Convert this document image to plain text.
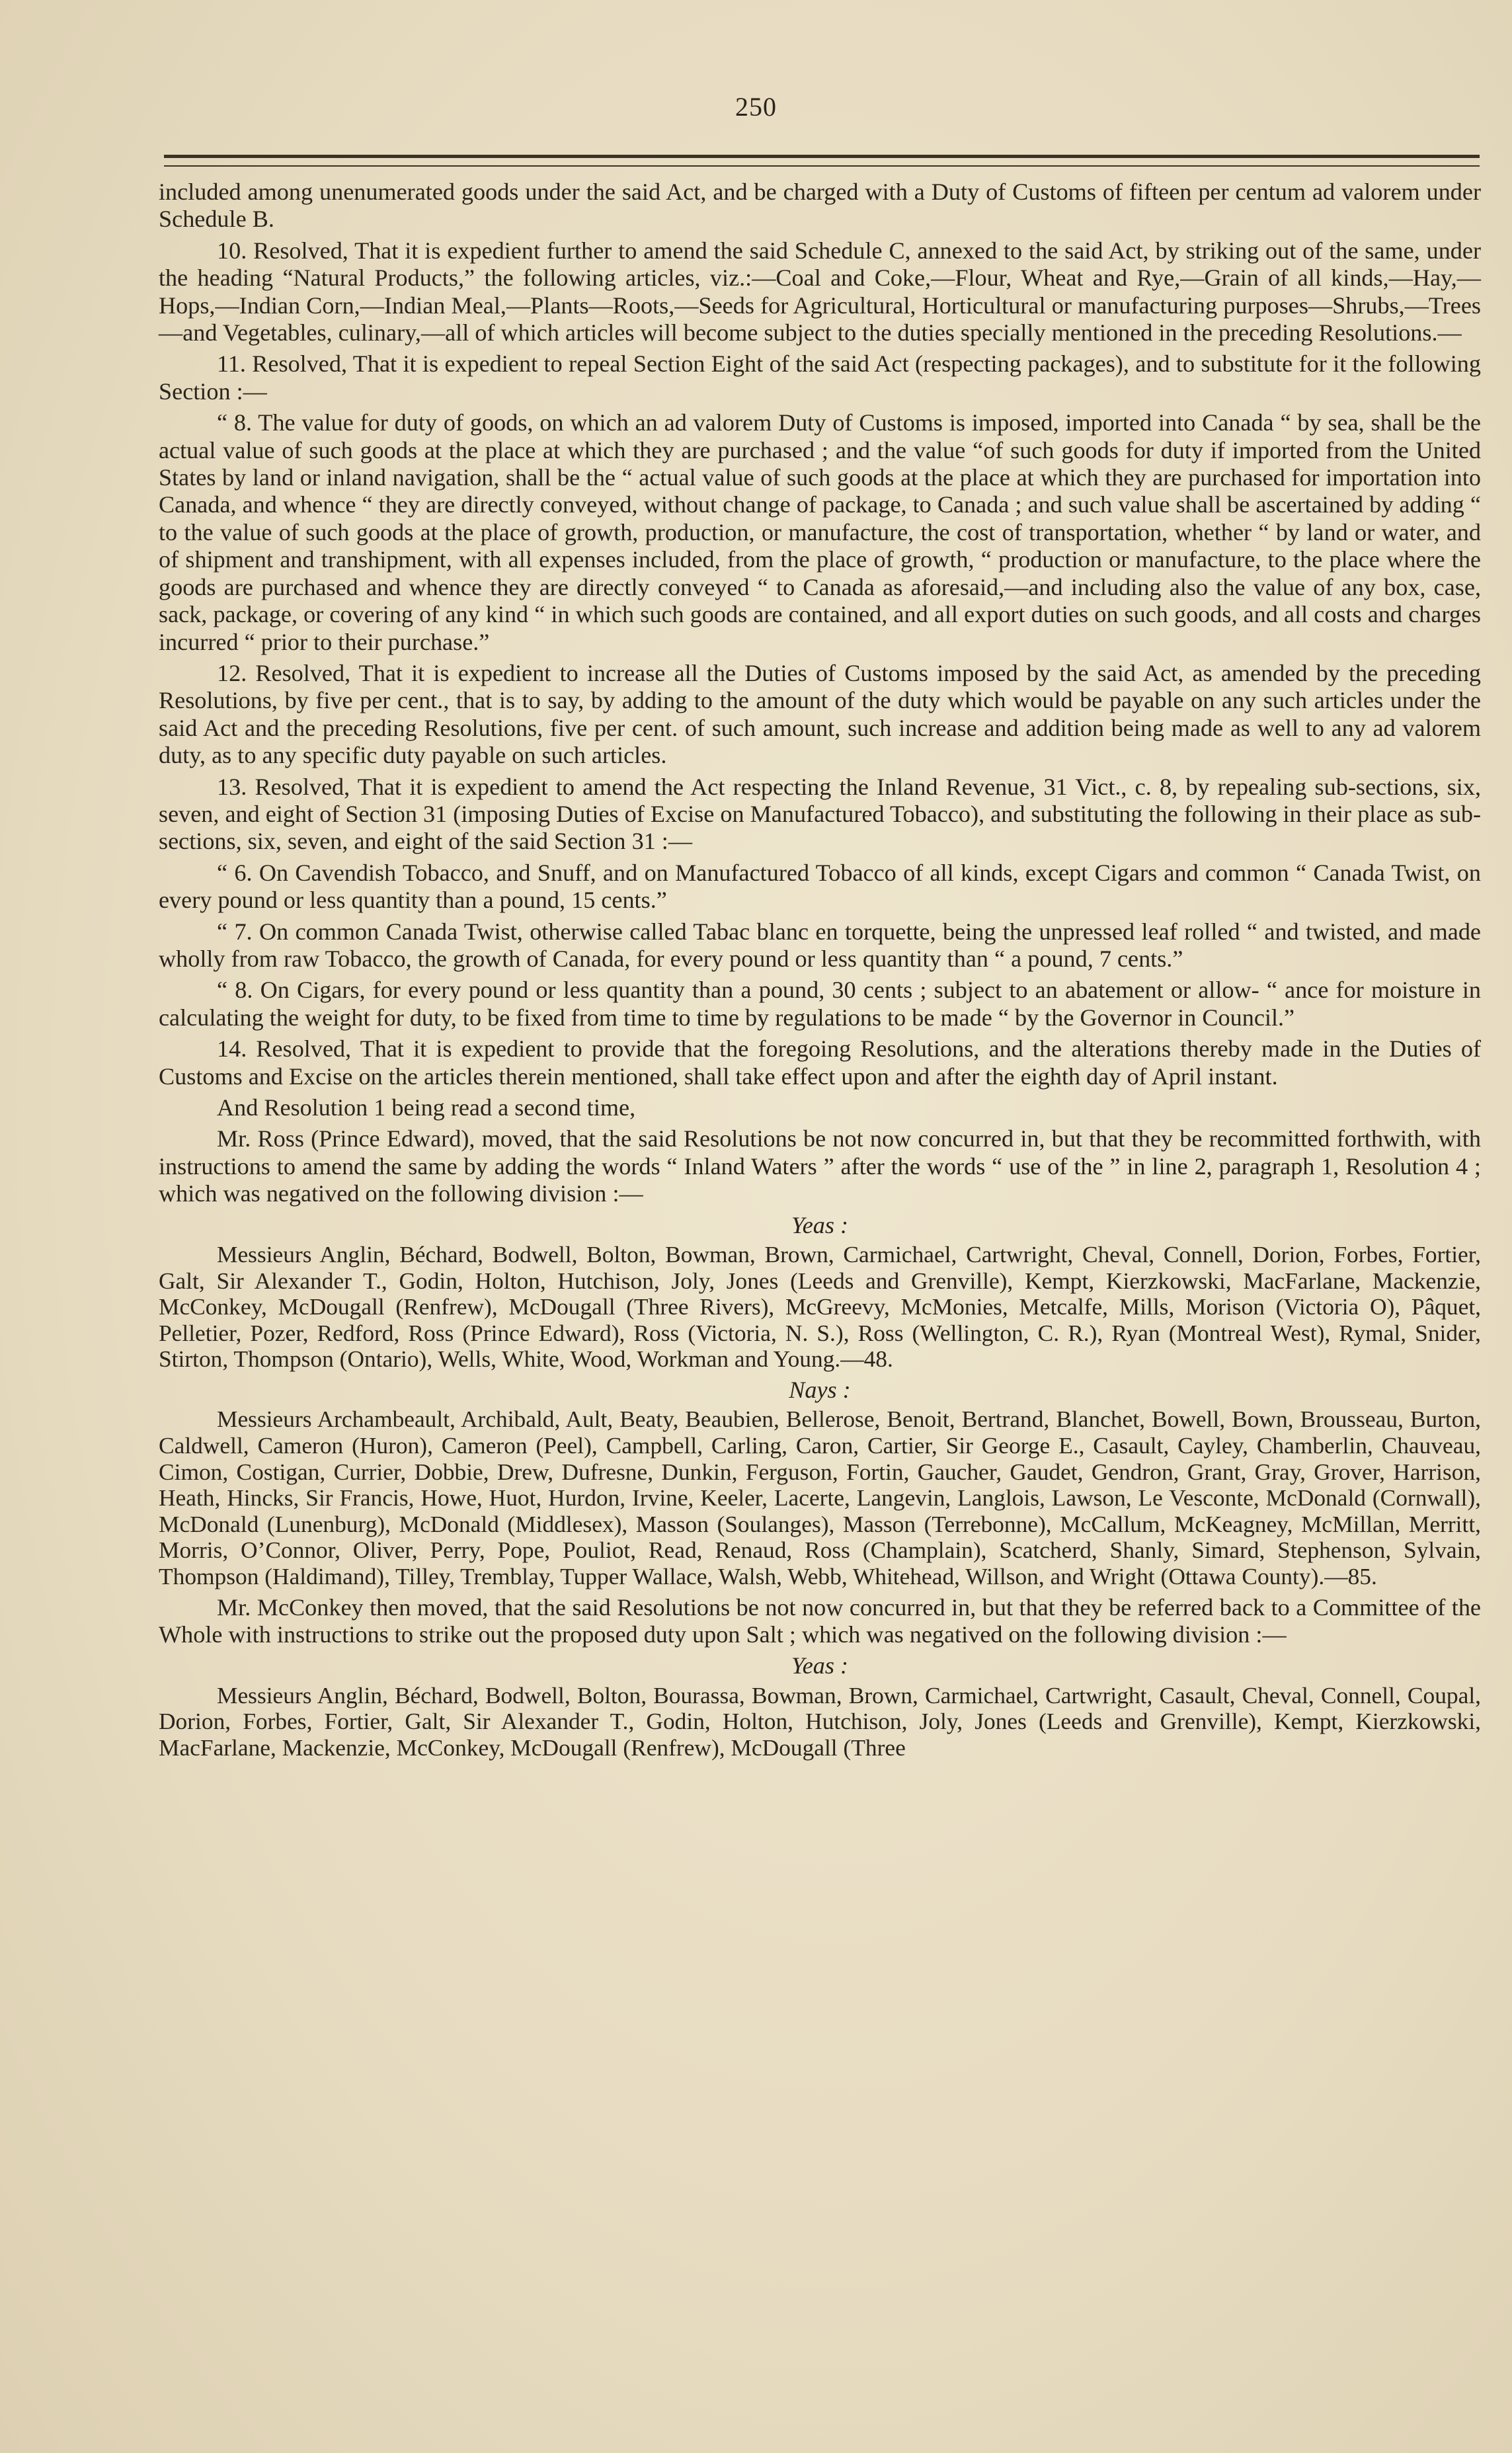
250

included among unenumerated goods under the said Act, and be charged with a Duty of Customs of fifteen per centum ad valorem under Schedule B.

10. Resolved, That it is expedient further to amend the said Schedule C, annexed to the said Act, by striking out of the same, under the heading “Natural Products,” the following articles, viz.:—Coal and Coke,—Flour, Wheat and Rye,—Grain of all kinds,—Hay,—Hops,—Indian Corn,—Indian Meal,—Plants—Roots,—Seeds for Agricultural, Horticultural or manufacturing purposes—Shrubs,—Trees—and Vegetables, culinary,—all of which articles will become subject to the duties specially mentioned in the preceding Resolutions.—

11. Resolved, That it is expedient to repeal Section Eight of the said Act (respecting packages), and to substitute for it the following Section :—

“ 8. The value for duty of goods, on which an ad valorem Duty of Customs is imposed, imported into Canada “ by sea, shall be the actual value of such goods at the place at which they are purchased ; and the value “of such goods for duty if imported from the United States by land or inland navigation, shall be the “ actual value of such goods at the place at which they are purchased for importation into Canada, and whence “ they are directly conveyed, without change of package, to Canada ; and such value shall be ascertained by adding “ to the value of such goods at the place of growth, production, or manufacture, the cost of transportation, whether “ by land or water, and of shipment and transhipment, with all expenses included, from the place of growth, “ production or manufacture, to the place where the goods are purchased and whence they are directly conveyed “ to Canada as aforesaid,—and including also the value of any box, case, sack, package, or covering of any kind “ in which such goods are contained, and all export duties on such goods, and all costs and charges incurred “ prior to their purchase.”

12. Resolved, That it is expedient to increase all the Duties of Customs imposed by the said Act, as amended by the preceding Resolutions, by five per cent., that is to say, by adding to the amount of the duty which would be payable on any such articles under the said Act and the preceding Resolutions, five per cent. of such amount, such increase and addition being made as well to any ad valorem duty, as to any specific duty payable on such articles.

13. Resolved, That it is expedient to amend the Act respecting the Inland Revenue, 31 Vict., c. 8, by repealing sub-sections, six, seven, and eight of Section 31 (imposing Duties of Excise on Manufactured Tobacco), and substituting the following in their place as sub-sections, six, seven, and eight of the said Section 31 :—

“ 6. On Cavendish Tobacco, and Snuff, and on Manufactured Tobacco of all kinds, except Cigars and common “ Canada Twist, on every pound or less quantity than a pound, 15 cents.”

“ 7. On common Canada Twist, otherwise called Tabac blanc en torquette, being the unpressed leaf rolled “ and twisted, and made wholly from raw Tobacco, the growth of Canada, for every pound or less quantity than “ a pound, 7 cents.”

“ 8. On Cigars, for every pound or less quantity than a pound, 30 cents ; subject to an abatement or allow- “ ance for moisture in calculating the weight for duty, to be fixed from time to time by regulations to be made “ by the Governor in Council.”

14. Resolved, That it is expedient to provide that the foregoing Resolutions, and the alterations thereby made in the Duties of Customs and Excise on the articles therein mentioned, shall take effect upon and after the eighth day of April instant.

And Resolution 1 being read a second time,

Mr. Ross (Prince Edward), moved, that the said Resolutions be not now concurred in, but that they be recommitted forthwith, with instructions to amend the same by adding the words “ Inland Waters ” after the words “ use of the ” in line 2, paragraph 1, Resolution 4 ; which was negatived on the following division :—

Yeas :

Messieurs Anglin, Béchard, Bodwell, Bolton, Bowman, Brown, Carmichael, Cartwright, Cheval, Connell, Dorion, Forbes, Fortier, Galt, Sir Alexander T., Godin, Holton, Hutchison, Joly, Jones (Leeds and Grenville), Kempt, Kierzkowski, MacFarlane, Mackenzie, McConkey, McDougall (Renfrew), McDougall (Three Rivers), McGreevy, McMonies, Metcalfe, Mills, Morison (Victoria O), Pâquet, Pelletier, Pozer, Redford, Ross (Prince Edward), Ross (Victoria, N. S.), Ross (Wellington, C. R.), Ryan (Montreal West), Rymal, Snider, Stirton, Thompson (Ontario), Wells, White, Wood, Workman and Young.—48.

Nays :

Messieurs Archambeault, Archibald, Ault, Beaty, Beaubien, Bellerose, Benoit, Bertrand, Blanchet, Bowell, Bown, Brousseau, Burton, Caldwell, Cameron (Huron), Cameron (Peel), Campbell, Carling, Caron, Cartier, Sir George E., Casault, Cayley, Chamberlin, Chauveau, Cimon, Costigan, Currier, Dobbie, Drew, Dufresne, Dunkin, Ferguson, Fortin, Gaucher, Gaudet, Gendron, Grant, Gray, Grover, Harrison, Heath, Hincks, Sir Francis, Howe, Huot, Hurdon, Irvine, Keeler, Lacerte, Langevin, Langlois, Lawson, Le Vesconte, McDonald (Cornwall), McDonald (Lunenburg), McDonald (Middlesex), Masson (Soulanges), Masson (Terrebonne), McCallum, McKeagney, McMillan, Merritt, Morris, O’Connor, Oliver, Perry, Pope, Pouliot, Read, Renaud, Ross (Champlain), Scatcherd, Shanly, Simard, Stephenson, Sylvain, Thompson (Haldimand), Tilley, Tremblay, Tupper Wallace, Walsh, Webb, Whitehead, Willson, and Wright (Ottawa County).—85.

Mr. McConkey then moved, that the said Resolutions be not now concurred in, but that they be referred back to a Committee of the Whole with instructions to strike out the proposed duty upon Salt ; which was negatived on the following division :—

Yeas :

Messieurs Anglin, Béchard, Bodwell, Bolton, Bourassa, Bowman, Brown, Carmichael, Cartwright, Casault, Cheval, Connell, Coupal, Dorion, Forbes, Fortier, Galt, Sir Alexander T., Godin, Holton, Hutchison, Joly, Jones (Leeds and Grenville), Kempt, Kierzkowski, MacFarlane, Mackenzie, McConkey, McDougall (Renfrew), McDougall (Three
